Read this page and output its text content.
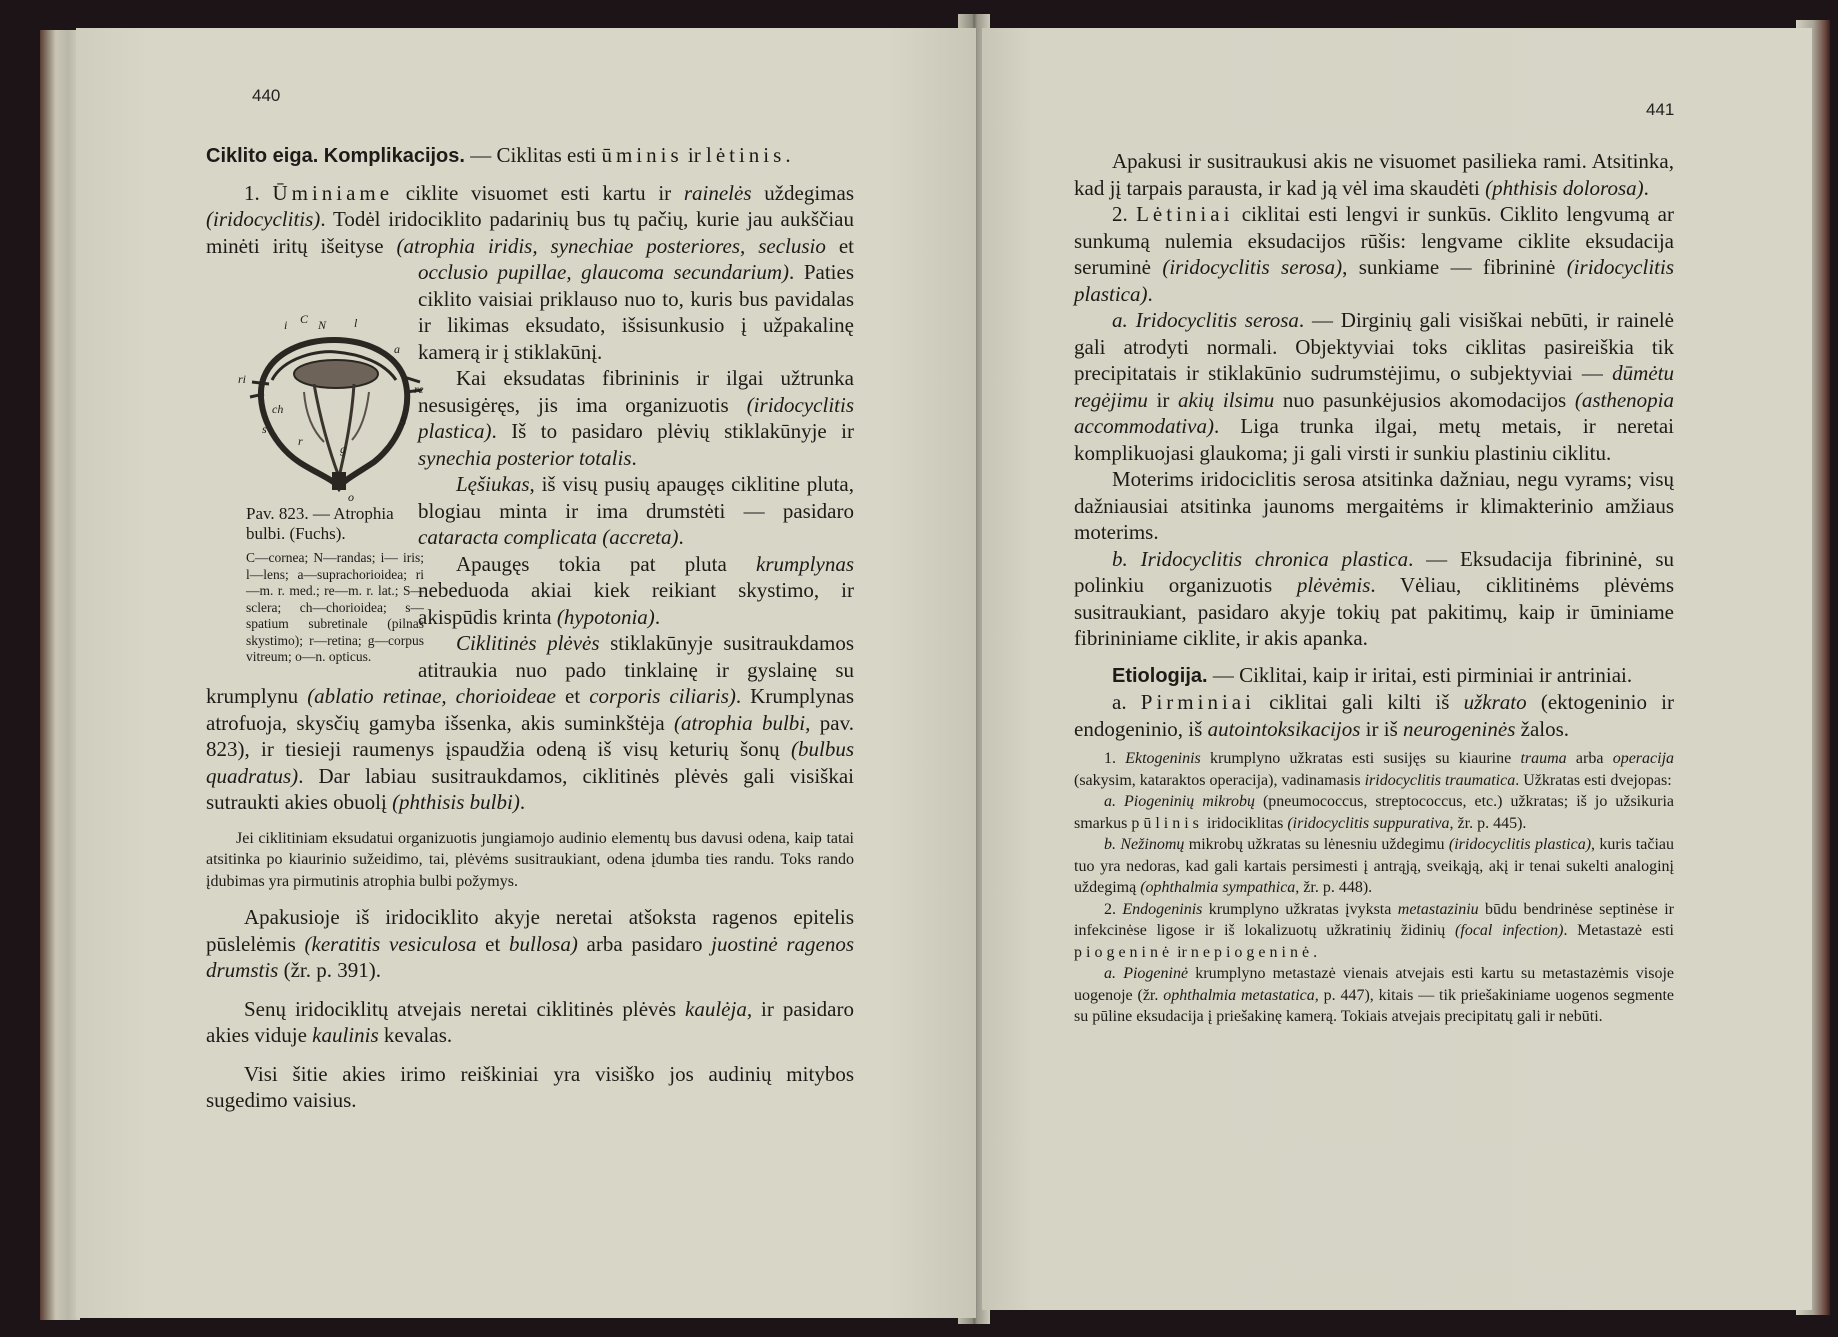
440
i C N l
a
ri
re
ch
s
S
r
g
o
Pav. 823. — Atrophia bulbi. (Fuchs).
C—cornea; N—randas; i— iris; l—lens; a—suprachorioidea; ri—m. r. med.; re—m. r. lat.; S—sclera; ch—chorioidea; s—spatium subretinale (pilnas skystimo); r—retina; g—corpus vitreum; o—n. opticus.

Ciklito eiga. Komplikacijos. — Ciklitas esti ūminis ir lėtinis.

1. Ūminiame ciklite visuomet esti kartu ir rainelės uždegimas (iridocyclitis). Todėl iridociklito padarinių bus tų pačių, kurie jau aukščiau minėti iritų išeityse (atrophia iridis, synechiae posteriores, seclusio et
occlusio pupillae, glaucoma secundarium). Paties ciklito vaisiai priklauso nuo to, kuris bus pavidalas ir likimas eksudato, išsisunkusio į užpakalinę kamerą ir į stiklakūnį.

Kai eksudatas fibrininis ir ilgai užtrunka nesusigėręs, jis ima organizuotis (iridocyclitis plastica). Iš to pasidaro plėvių stiklakūnyje ir synechia posterior totalis.

Lęšiukas, iš visų pusių apaugęs ciklitine pluta, blogiau minta ir ima drumstėti — pasidaro cataracta complicata (accreta).

Apaugęs tokia pat pluta krumplynas nebeduoda akiai kiek reikiant skystimo, ir akispūdis krinta (hypotonia).

Ciklitinės plėvės stiklakūnyje susitraukdamos atitraukia nuo pado tinklainę ir gyslainę su krumplynu (ablatio retinae, chorioideae et corporis ciliaris). Krumplynas atrofuoja, skysčių gamyba išsenka, akis suminkštėja (atrophia bulbi, pav. 823), ir tiesieji raumenys įspaudžia odeną iš visų keturių šonų (bulbus quadratus). Dar labiau susitraukdamos, ciklitinės plėvės gali visiškai sutraukti akies obuolį (phthisis bulbi).

Jei ciklitiniam eksudatui organizuotis jungiamojo audinio elementų bus davusi odena, kaip tatai atsitinka po kiaurinio sužeidimo, tai, plėvėms susitraukiant, odena įdumba ties randu. Toks rando įdubimas yra pirmutinis atrophia bulbi požymys.

Apakusioje iš iridociklito akyje neretai atšoksta ragenos epitelis pūslelėmis (keratitis vesiculosa et bullosa) arba pasidaro juostinė ragenos drumstis (žr. p. 391).

Senų iridociklitų atvejais neretai ciklitinės plėvės kaulėja, ir pasidaro akies viduje kaulinis kevalas.

Visi šitie akies irimo reiškiniai yra visiško jos audinių mitybos sugedimo vaisius.

441

Apakusi ir susitraukusi akis ne visuomet pasilieka rami. Atsitinka, kad jį tarpais parausta, ir kad ją vėl ima skaudėti (phthisis dolorosa).

2. Lėtiniai ciklitai esti lengvi ir sunkūs. Ciklito lengvumą ar sunkumą nulemia eksudacijos rūšis: lengvame ciklite eksudacija seruminė (iridocyclitis serosa), sunkiame — fibrininė (iridocyclitis plastica).

a. Iridocyclitis serosa. — Dirginių gali visiškai nebūti, ir rainelė gali atrodyti normali. Objektyviai toks ciklitas pasireiškia tik precipitatais ir stiklakūnio sudrumstėjimu, o subjektyviai — dūmėtu regėjimu ir akių ilsimu nuo pasunkėjusios akomodacijos (asthenopia accommodativa). Liga trunka ilgai, metų metais, ir neretai komplikuojasi glaukoma; ji gali virsti ir sunkiu plastiniu ciklitu.

Moterims iridociclitis serosa atsitinka dažniau, negu vyrams; visų dažniausiai atsitinka jaunoms mergaitėms ir klimakterinio amžiaus moterims.

b. Iridocyclitis chronica plastica. — Eksudacija fibrininė, su polinkiu organizuotis plėvėmis. Vėliau, ciklitinėms plėvėms susitraukiant, pasidaro akyje tokių pat pakitimų, kaip ir ūminiame fibrininiame ciklite, ir akis apanka.

Etiologija. — Ciklitai, kaip ir iritai, esti pirminiai ir antriniai.

a. Pirminiai ciklitai gali kilti iš užkrato (ektogeninio ir endogeninio, iš autointoksikacijos ir iš neurogeninės žalos.

1. Ektogeninis krumplyno užkratas esti susijęs su kiaurine trauma arba operacija (sakysim, kataraktos operacija), vadinamasis iridocyclitis traumatica. Užkratas esti dvejopas:

a. Piogeninių mikrobų (pneumococcus, streptococcus, etc.) užkratas; iš jo užsikuria smarkus pūlinis iridociklitas (iridocyclitis suppurativa, žr. p. 445).

b. Nežinomų mikrobų užkratas su lėnesniu uždegimu (iridocyclitis plastica), kuris tačiau tuo yra nedoras, kad gali kartais persimesti į antrąją, sveikąją, akį ir tenai sukelti analoginį uždegimą (ophthalmia sympathica, žr. p. 448).

2. Endogeninis krumplyno užkratas įvyksta metastaziniu būdu bendrinėse septinėse ir infekcinėse ligose ir iš lokalizuotų užkratinių židinių (focal infection). Metastazė esti piogeninė ir nepiogeninė.

a. Piogeninė krumplyno metastazė vienais atvejais esti kartu su metastazėmis visoje uogenoje (žr. ophthalmia metastatica, p. 447), kitais — tik priešakiniame uogenos segmente su pūline eksudacija į priešakinę kamerą. Tokiais atvejais precipitatų gali ir nebūti.
